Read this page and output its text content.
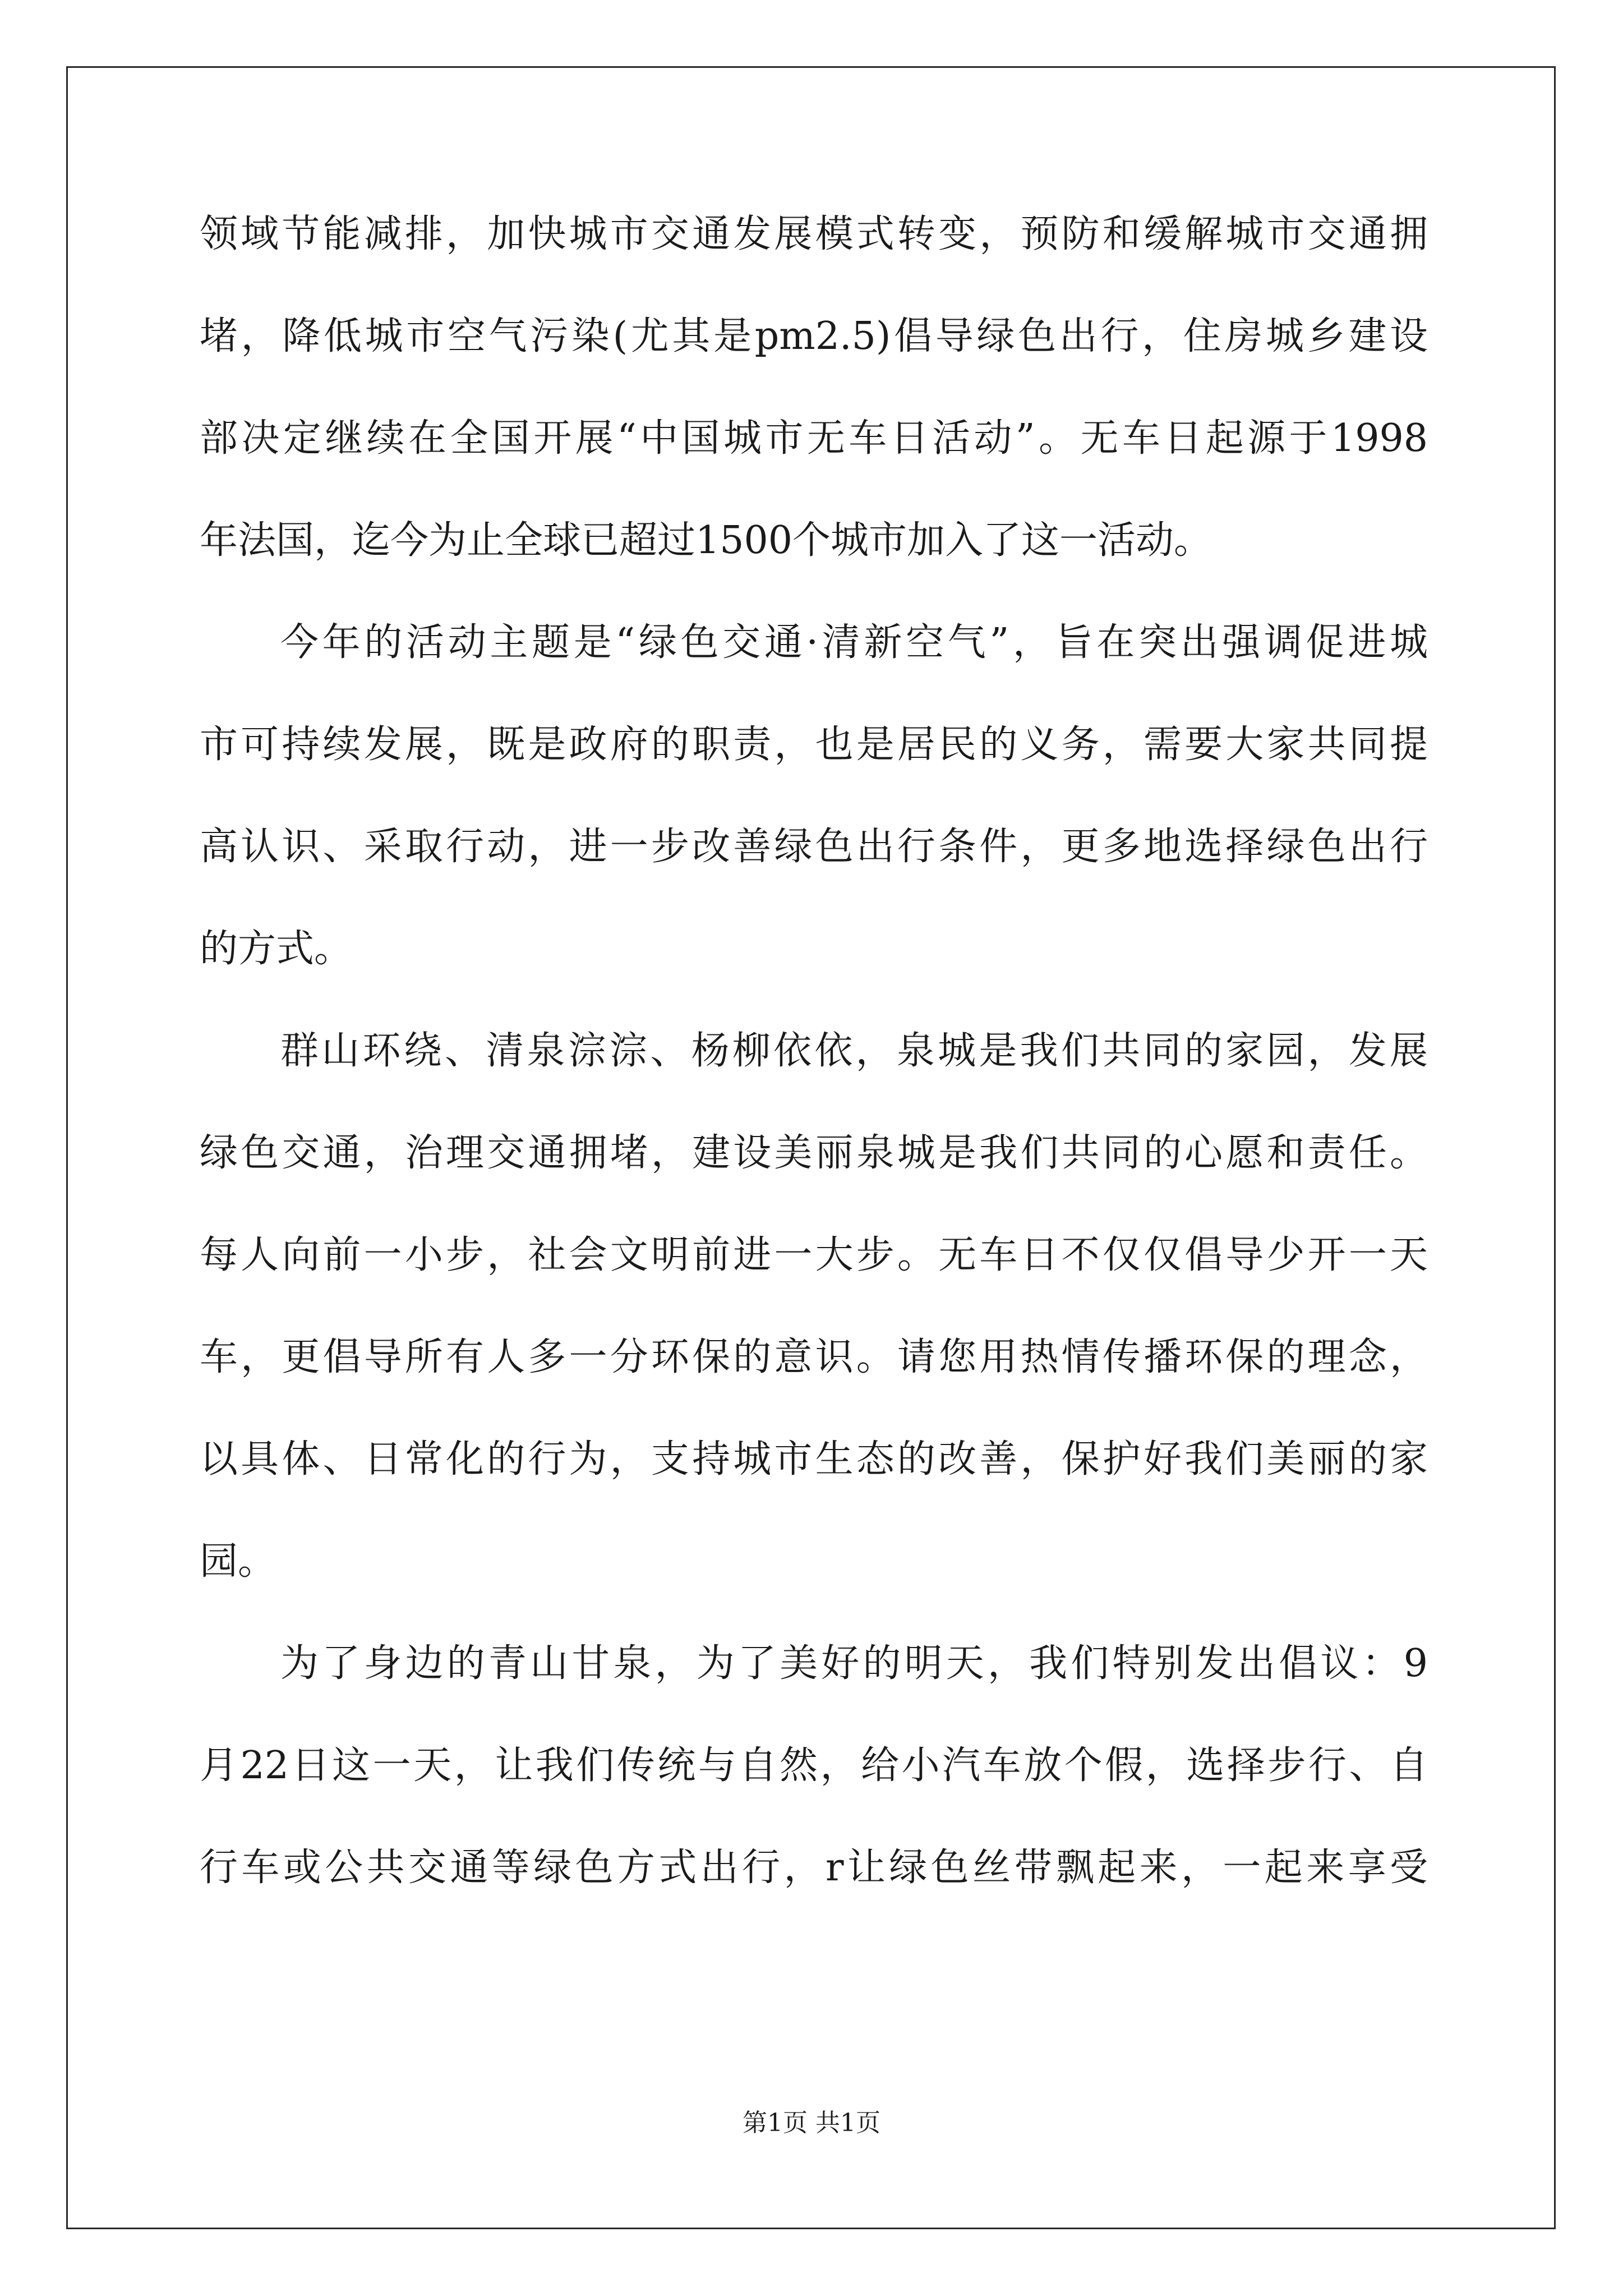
领域节能减排，加快城市交通发展模式转变，预防和缓解城市交通拥
堵，降低城市空气污染(尤其是pm2.5)倡导绿色出行，住房城乡建设
部决定继续在全国开展“中国城市无车日活动”。无车日起源于1998
年法国，迄今为止全球已超过1500个城市加入了这一活动。
今年的活动主题是“绿色交通·清新空气”，旨在突出强调促进城
市可持续发展，既是政府的职责，也是居民的义务，需要大家共同提
高认识、采取行动，进一步改善绿色出行条件，更多地选择绿色出行
的方式。
群山环绕、清泉淙淙、杨柳依依，泉城是我们共同的家园，发展
绿色交通，治理交通拥堵，建设美丽泉城是我们共同的心愿和责任。
每人向前一小步，社会文明前进一大步。无车日不仅仅倡导少开一天
车，更倡导所有人多一分环保的意识。请您用热情传播环保的理念，
以具体、日常化的行为，支持城市生态的改善，保护好我们美丽的家
园。
为了身边的青山甘泉，为了美好的明天，我们特别发出倡议：9
月22日这一天，让我们传统与自然，给小汽车放个假，选择步行、自
行车或公共交通等绿色方式出行，r让绿色丝带飘起来，一起来享受
第1页 共1页
